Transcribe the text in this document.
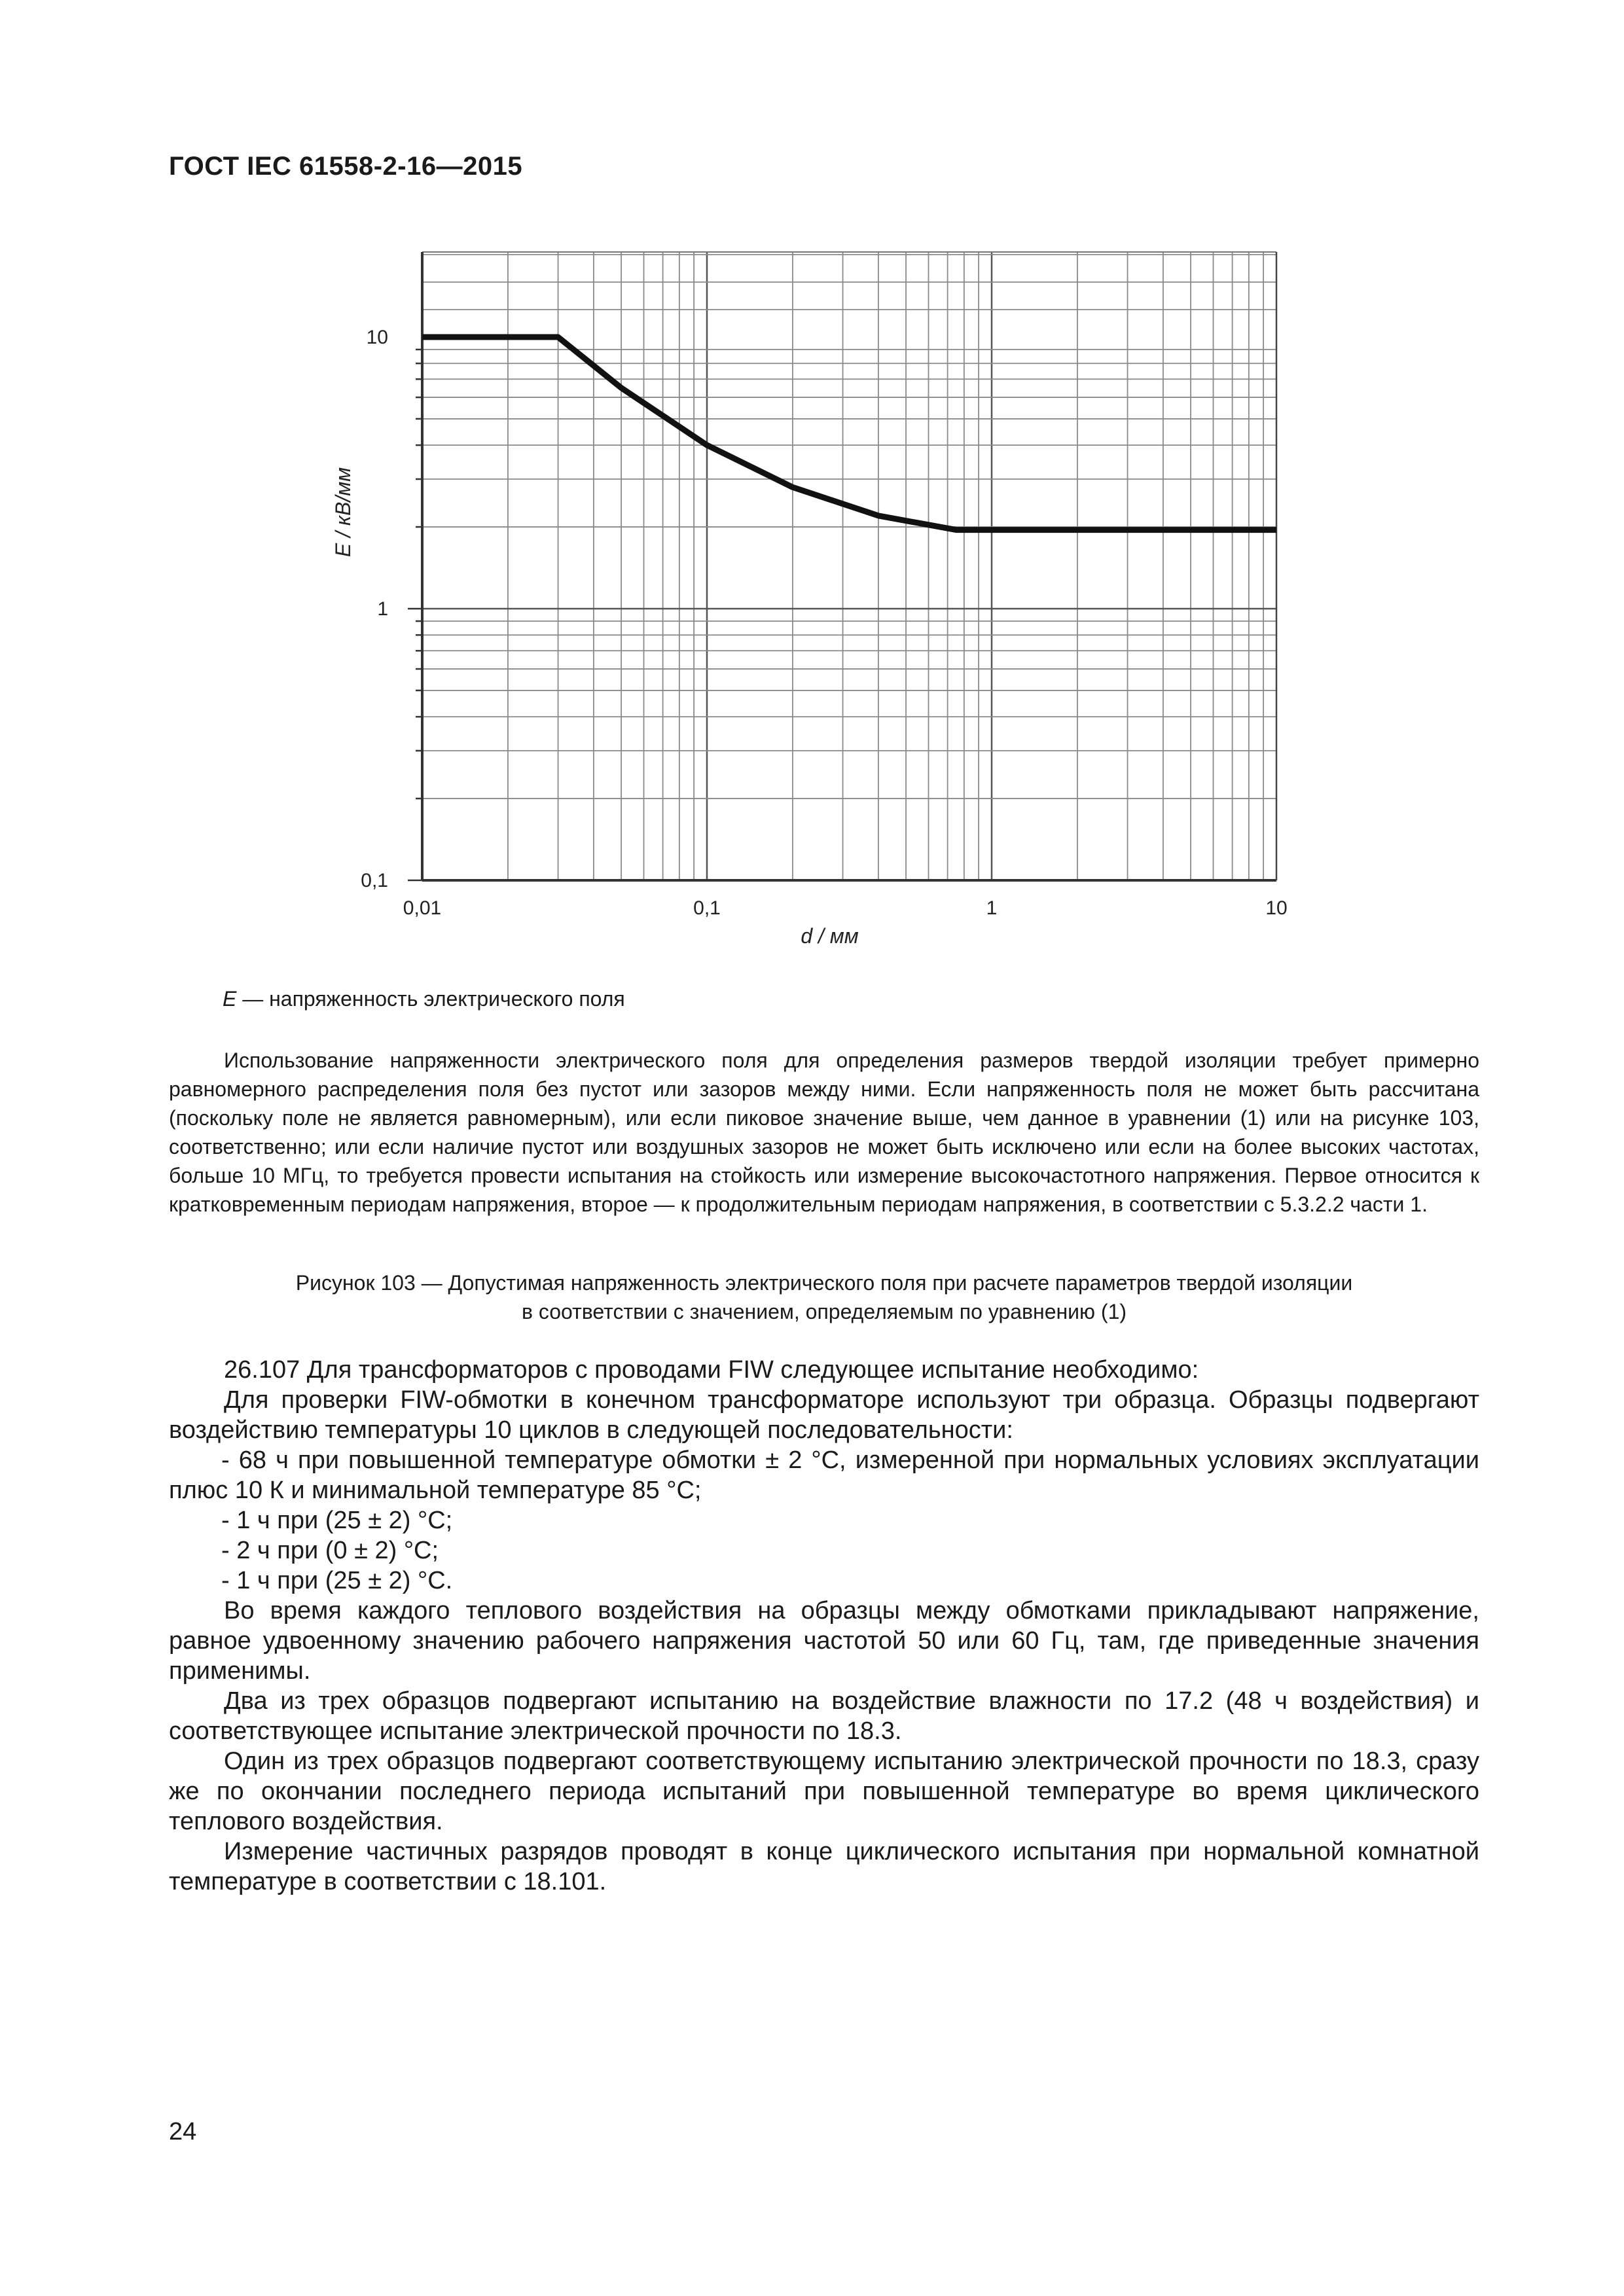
ГОСТ IEC 61558-2-16—2015
0,01	0,1	1	10
0,1
1
10
d / мм
E / кВ/мм
E — напряженность электрического поля

Использование напряженности электрического поля для определения размеров твердой изоляции требует примерно равномерного распределения поля без пустот или зазоров между ними. Если напряженность поля не может быть рассчитана (поскольку поле не является равномерным), или если пиковое значение выше, чем данное в уравнении (1) или на рисунке 103, соответственно; или если наличие пустот или воздушных зазоров не может быть исключено или если на более высоких частотах, больше 10 МГц, то требуется провести испытания на стойкость или измерение высокочастотного напряжения. Первое относится к кратковременным периодам напряжения, второе — к продолжительным периодам напряжения, в соответствии с 5.3.2.2 части 1.

Рисунок 103 — Допустимая напряженность электрического поля при расчете параметров твердой изоляции
в соответствии с значением, определяемым по уравнению (1)

26.107 Для трансформаторов с проводами FIW следующее испытание необходимо:

Для проверки FIW-обмотки в конечном трансформаторе используют три образца. Образцы подвергают воздействию температуры 10 циклов в следующей последовательности:

- 68 ч при повышенной температуре обмотки ± 2 °С, измеренной при нормальных условиях эксплуатации плюс 10 К и минимальной температуре 85 °С;

- 1 ч при (25 ± 2) °С;

- 2 ч при (0 ± 2) °С;

- 1 ч при (25 ± 2) °С.

Во время каждого теплового воздействия на образцы между обмотками прикладывают напряжение, равное удвоенному значению рабочего напряжения частотой 50 или 60 Гц, там, где приведенные значения применимы.

Два из трех образцов подвергают испытанию на воздействие влажности по 17.2 (48 ч воздействия) и соответствующее испытание электрической прочности по 18.3.

Один из трех образцов подвергают соответствующему испытанию электрической прочности по 18.3, сразу же по окончании последнего периода испытаний при повышенной температуре во время циклического теплового воздействия.

Измерение частичных разрядов проводят в конце циклического испытания при нормальной комнатной температуре в соответствии с 18.101.

24
